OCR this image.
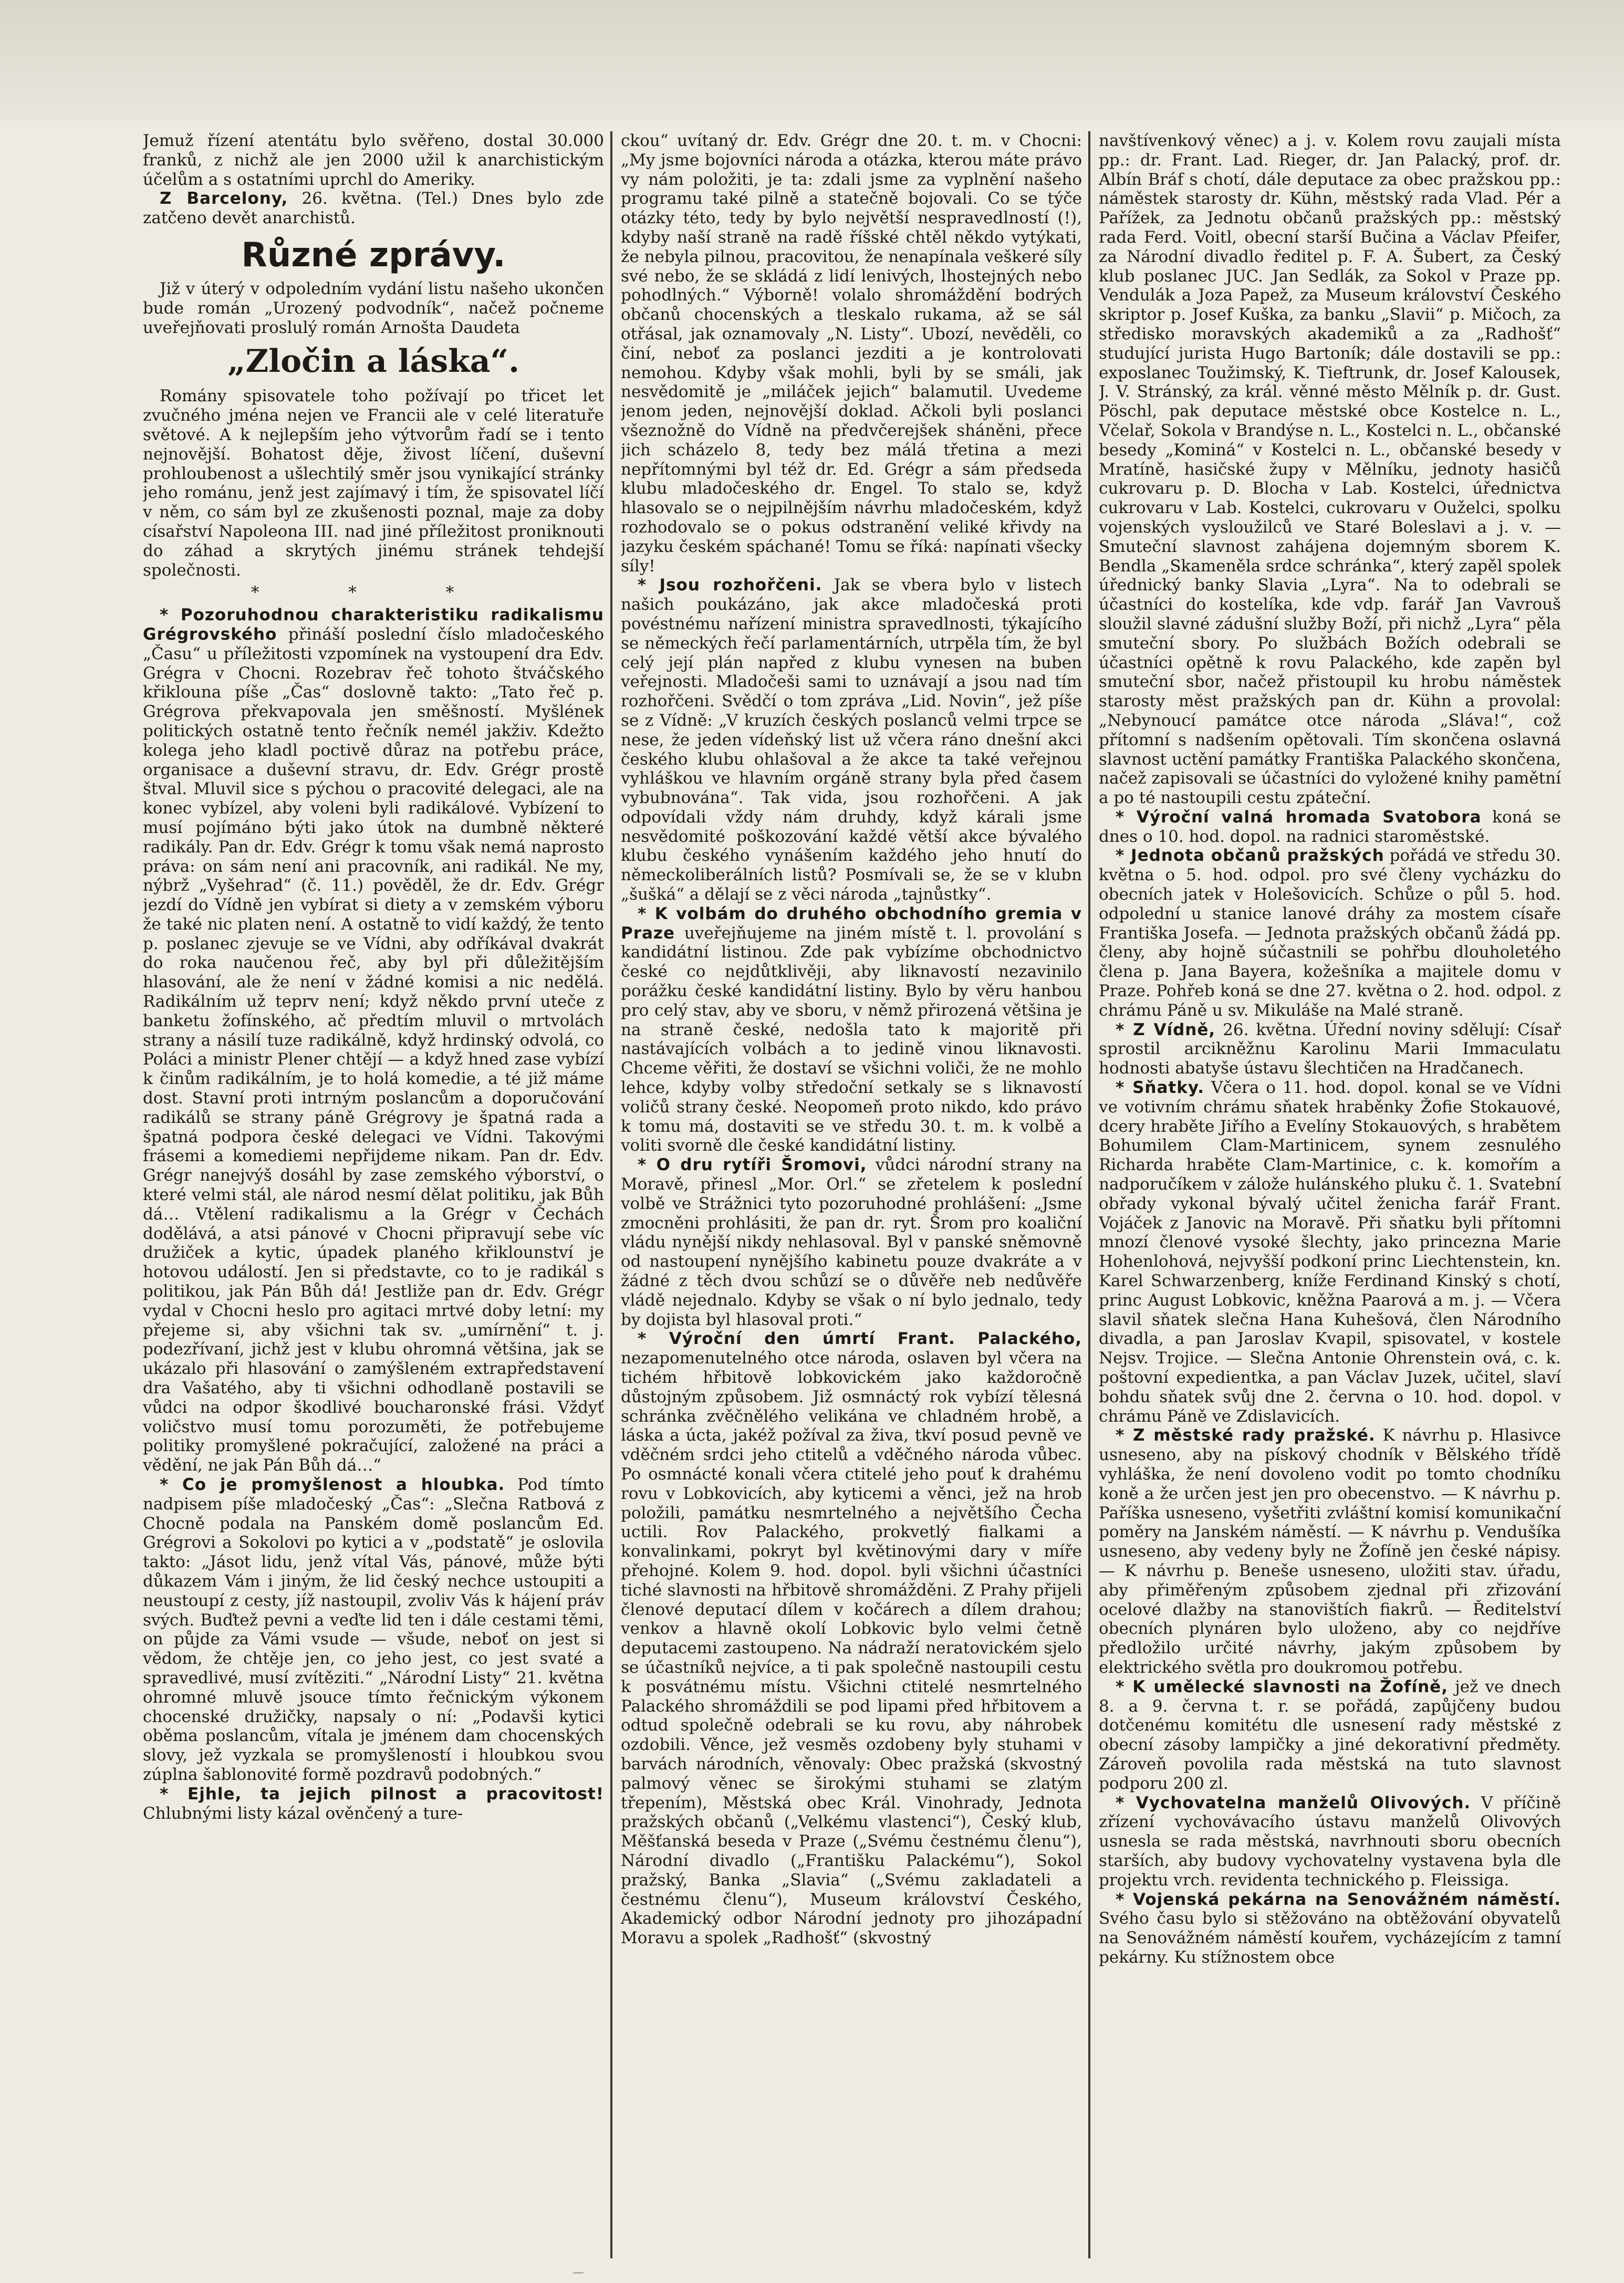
Jemuž řízení atentátu bylo svěřeno, dostal 30.000 franků, z nichž ale jen 2000 užil k anarchistickým účelům a s ostatními uprchl do Ameriky.

Z Barcelony, 26. května. (Tel.) Dnes bylo zde zatčeno devět anarchistů.

Různé zprávy.

Již v úterý v odpoledním vydání listu našeho ukončen bude román „Urozený podvodník“, načež počneme uveřejňovati proslulý román Arnošta Daudeta

„Zločin a láska“.

Romány spisovatele toho požívají po třicet let zvučného jména nejen ve Francii ale v celé literatuře světové. A k nejlepším jeho výtvorům řadí se i tento nejnovější. Bohatost děje, živost líčení, duševní prohloubenost a ušlechtilý směr jsou vynikající stránky jeho románu, jenž jest zajímavý i tím, že spisovatel líčí v něm, co sám byl ze zkušenosti poznal, maje za doby císařství Napoleona III. nad jiné příležitost proniknouti do záhad a skrytých jinému stránek tehdejší společnosti.

* * *

* Pozoruhodnou charakteristiku radikalismu Grégrovského přináší poslední číslo mladočeského „Času“ u příležitosti vzpomínek na vystoupení dra Edv. Grégra v Chocni. Rozebrav řeč tohoto štváčského křiklouna píše „Čas“ doslovně takto: „Tato řeč p. Grégrova překvapovala jen směšností. Myšlének politických ostatně tento řečník nemél jakživ. Kdežto kolega jeho kladl poctivě důraz na potřebu práce, organisace a duševní stravu, dr. Edv. Grégr prostě štval. Mluvil sice s pýchou o pracovité delegaci, ale na konec vybízel, aby voleni byli radikálové. Vybízení to musí pojímáno býti jako útok na dumbně některé radikály. Pan dr. Edv. Grégr k tomu však nemá naprosto práva: on sám není ani pracovník, ani radikál. Ne my, nýbrž „Vyšehrad“ (č. 11.) pověděl, že dr. Edv. Grégr jezdí do Vídně jen vybírat si diety a v zemském výboru že také nic platen není. A ostatně to vidí každý, že tento p. poslanec zjevuje se ve Vídni, aby odříkával dvakrát do roka naučenou řeč, aby byl při důležitějším hlasování, ale že není v žádné komisi a nic nedělá. Radikálním už teprv není; když někdo první uteče z banketu žofínského, ač předtím mluvil o mrtvolách strany a násilí tuze radikálně, když hrdinský odvolá, co Poláci a ministr Plener chtějí — a když hned zase vybízí k činům radikálním, je to holá komedie, a té již máme dost. Stavní proti intrným poslancům a doporučování radikálů se strany páně Grégrovy je špatná rada a špatná podpora české delegaci ve Vídni. Takovými frásemi a komediemi nepřijdeme nikam. Pan dr. Edv. Grégr nanejvýš dosáhl by zase zemského výborství, o které velmi stál, ale národ nesmí dělat politiku, jak Bůh dá… Vtělení radikalismu a la Grégr v Čechách dodělává, a atsi pánové v Chocni připravují sebe víc družiček a kytic, úpadek planého křiklounství je hotovou událostí. Jen si představte, co to je radikál s politikou, jak Pán Bůh dá! Jestliže pan dr. Edv. Grégr vydal v Chocni heslo pro agitaci mrtvé doby letní: my přejeme si, aby všichni tak sv. „umírnění“ t. j. podezřívaní, jichž jest v klubu ohromná většina, jak se ukázalo při hlasování o zamýšleném extrapředstavení dra Vašatého, aby ti všichni odhodlaně postavili se vůdci na odpor škodlivé boucharonské frási. Vždyť voličstvo musí tomu porozuměti, že potřebujeme politiky promyšlené pokračující, založené na práci a vědění, ne jak Pán Bůh dá…“

* Co je promyšlenost a hloubka. Pod tímto nadpisem píše mladočeský „Čas“: „Slečna Ratbová z Chocně podala na Panském domě poslancům Ed. Grégrovi a Sokolovi po kytici a v „podstatě“ je oslovila takto: „Jásot lidu, jenž vítal Vás, pánové, může býti důkazem Vám i jiným, že lid český nechce ustoupiti a neustoupí z cesty, jíž nastoupil, zvoliv Vás k hájení práv svých. Buďtež pevni a veďte lid ten i dále cestami těmi, on půjde za Vámi vsude — všude, neboť on jest si vědom, že chtěje jen, co jeho jest, co jest svaté a spravedlivé, musí zvítěziti.“ „Národní Listy“ 21. května ohromné mluvě jsouce tímto řečnickým výkonem chocenské družičky, napsaly o ní: „Podavši kytici oběma poslancům, vítala je jménem dam chocenských slovy, jež vyzkala se promyšleností i hloubkou svou zúplna šablonovité formě pozdravů podobných.“

* Ejhle, ta jejich pilnost a pracovitost! Chlubnými listy kázal ověnčený a ture-

ckou“ uvítaný dr. Edv. Grégr dne 20. t. m. v Chocni: „My jsme bojovníci národa a otázka, kterou máte právo vy nám položiti, je ta: zdali jsme za vyplnění našeho programu také pilně a statečně bojovali. Co se týče otázky této, tedy by bylo největší nespravedlností (!), kdyby naší straně na radě říšské chtěl někdo vytýkati, že nebyla pilnou, pracovitou, že nenapínala veškeré síly své nebo, že se skládá z lidí lenivých, lhostejných nebo pohodlných.“ Výborně! volalo shromáždění bodrých občanů chocenských a tleskalo rukama, až se sál otřásal, jak oznamovaly „N. Listy“. Ubozí, nevěděli, co činí, neboť za poslanci jezditi a je kontrolovati nemohou. Kdyby však mohli, byli by se smáli, jak nesvědomitě je „miláček jejich“ balamutil. Uvedeme jenom jeden, nejnovější doklad. Ačkoli byli poslanci všeznožně do Vídně na předvčerejšek sháněni, přece jich scházelo 8, tedy bez málá třetina a mezi nepřítomnými byl též dr. Ed. Grégr a sám předseda klubu mladočeského dr. Engel. To stalo se, když hlasovalo se o nejpilnějším návrhu mladočeském, když rozhodovalo se o pokus odstranění veliké křivdy na jazyku českém spáchané! Tomu se říká: napínati všecky síly!

* Jsou rozhořčeni. Jak se vbera bylo v listech našich poukázáno, jak akce mladočeská proti povéstnému nařízení ministra spravedlnosti, týkajícího se německých řečí parlamentárních, utrpěla tím, že byl celý její plán napřed z klubu vynesen na buben veřejnosti. Mladočeši sami to uznávají a jsou nad tím rozhořčeni. Svědčí o tom zpráva „Lid. Novin“, jež píše se z Vídně: „V kruzích českých poslanců velmi trpce se nese, že jeden vídeňský list už včera ráno dnešní akci českého klubu ohlašoval a že akce ta také veřejnou vyhláškou ve hlavním orgáně strany byla před časem vybubnována“. Tak vida, jsou rozhořčeni. A jak odpovídali vždy nám druhdy, když kárali jsme nesvědomité poškozování každé větší akce bývalého klubu českého vynášením každého jeho hnutí do německoliberálních listů? Posmívali se, že se v klubn „šušká“ a dělají se z věci národa „tajnůstky“.

* K volbám do druhého obchodního gremia v Praze uveřejňujeme na jiném místě t. l. provolání s kandidátní listinou. Zde pak vybízíme obchodnictvo české co nejdůtklivěji, aby liknavostí nezavinilo porážku české kandidátní listiny. Bylo by věru hanbou pro celý stav, aby ve sboru, v němž přirozená většina je na straně české, nedošla tato k majoritě při nastávajících volbách a to jedině vinou liknavosti. Chceme věřiti, že dostaví se všichni voliči, že ne mohlo lehce, kdyby volby středoční setkaly se s liknavostí voličů strany české. Neopomeň proto nikdo, kdo právo k tomu má, dostaviti se ve středu 30. t. m. k volbě a voliti svorně dle české kandidátní listiny.

* O dru rytíři Šromovi, vůdci národní strany na Moravě, přinesl „Mor. Orl.“ se zřetelem k poslední volbě ve Strážnici tyto pozoruhodné prohlášení: „Jsme zmocněni prohlásiti, že pan dr. ryt. Šrom pro koaliční vládu nynější nikdy nehlasoval. Byl v panské sněmovně od nastoupení nynějšího kabinetu pouze dvakráte a v žádné z těch dvou schůzí se o důvěře neb nedůvěře vládě nejednalo. Kdyby se však o ní bylo jednalo, tedy by dojista byl hlasoval proti.“

* Výroční den úmrtí Frant. Palackého, nezapomenutelného otce národa, oslaven byl včera na tichém hřbitově lobkovickém jako každoročně důstojným způsobem. Již osmnáctý rok vybízí tělesná schránka zvěčnělého velikána ve chladném hrobě, a láska a úcta, jakéž požíval za živa, tkví posud pevně ve vděčném srdci jeho ctitelů a vděčného národa vůbec. Po osmnácté konali včera ctitelé jeho pouť k drahému rovu v Lobkovicích, aby kyticemi a věnci, jež na hrob položili, památku nesmrtelného a největšího Čecha uctili. Rov Palackého, prokvetlý fialkami a konvalinkami, pokryt byl květinovými dary v míře přehojné. Kolem 9. hod. dopol. byli všichni účastníci tiché slavnosti na hřbitově shromážděni. Z Prahy přijeli členové deputací dílem v kočárech a dílem drahou; venkov a hlavně okolí Lobkovic bylo velmi četně deputacemi zastoupeno. Na nádraží neratovickém sjelo se účastníků nejvíce, a ti pak společně nastoupili cestu k posvátnému místu. Všichni ctitelé nesmrtelného Palackého shromáždili se pod lipami před hřbitovem a odtud společně odebrali se ku rovu, aby náhrobek ozdobili. Věnce, jež vesměs ozdobeny byly stuhami v barvách národních, věnovaly: Obec pražská (skvostný palmový věnec se širokými stuhami se zlatým třepením), Městská obec Král. Vinohrady, Jednota pražských občanů („Velkému vlastenci“), Český klub, Měšťanská beseda v Praze („Svému čestnému členu“), Národní divadlo („Františku Palackému“), Sokol pražský, Banka „Slavia“ („Svému zakladateli a čestnému členu“), Museum království Českého, Akademický odbor Národní jednoty pro jihozápadní Moravu a spolek „Radhošť“ (skvostný

navštívenkový věnec) a j. v. Kolem rovu zaujali místa pp.: dr. Frant. Lad. Rieger, dr. Jan Palacký, prof. dr. Albín Bráf s chotí, dále deputace za obec pražskou pp.: náměstek starosty dr. Kühn, městský rada Vlad. Pér a Pařížek, za Jednotu občanů pražských pp.: městský rada Ferd. Voitl, obecní starší Bučina a Václav Pfeifer, za Národní divadlo ředitel p. F. A. Šubert, za Český klub poslanec JUC. Jan Sedlák, za Sokol v Praze pp. Vendulák a Joza Papež, za Museum království Českého skriptor p. Josef Kuška, za banku „Slavii“ p. Mičoch, za středisko moravských akademiků a za „Radhošť“ studující jurista Hugo Bartoník; dále dostavili se pp.: exposlanec Toužimský, K. Tieftrunk, dr. Josef Kalousek, J. V. Stránský, za král. věnné město Mělník p. dr. Gust. Pöschl, pak deputace městské obce Kostelce n. L., Včelař, Sokola v Brandýse n. L., Kostelci n. L., občanské besedy „Kominá“ v Kostelci n. L., občanské besedy v Mratíně, hasičské župy v Mělníku, jednoty hasičů cukrovaru p. D. Blocha v Lab. Kostelci, úřednictva cukrovaru v Lab. Kostelci, cukrovaru v Ouželci, spolku vojenských vysloužilců ve Staré Boleslavi a j. v. — Smuteční slavnost zahájena dojemným sborem K. Bendla „Skameněla srdce schránka“, který zapěl spolek úřednický banky Slavia „Lyra“. Na to odebrali se účastníci do kostelíka, kde vdp. farář Jan Vavrouš sloužil slavné zádušní služby Boží, při nichž „Lyra“ pěla smuteční sbory. Po službách Božích odebrali se účastníci opětně k rovu Palackého, kde zapěn byl smuteční sbor, načež přistoupil ku hrobu náměstek starosty měst pražských pan dr. Kühn a provolal: „Nebynoucí památce otce národa „Sláva!“, což přítomní s nadšením opětovali. Tím skončena oslavná slavnost uctění památky Františka Palackého skončena, načež zapisovali se účastníci do vyložené knihy pamětní a po té nastoupili cestu zpáteční.

* Výroční valná hromada Svatobora koná se dnes o 10. hod. dopol. na radnici staroměstské.

* Jednota občanů pražských pořádá ve středu 30. května o 5. hod. odpol. pro své členy vycházku do obecních jatek v Holešovicích. Schůze o půl 5. hod. odpolední u stanice lanové dráhy za mostem císaře Františka Josefa. — Jednota pražských občanů žádá pp. členy, aby hojně súčastnili se pohřbu dlouholetého člena p. Jana Bayera, kožešníka a majitele domu v Praze. Pohřeb koná se dne 27. května o 2. hod. odpol. z chrámu Páně u sv. Mikuláše na Malé straně.

* Z Vídně, 26. května. Úřední noviny sdělují: Císař sprostil arcikněžnu Karolinu Marii Immaculatu hodnosti abatyše ústavu šlechtičen na Hradčanech.

* Sňatky. Včera o 11. hod. dopol. konal se ve Vídni ve votivním chrámu sňatek hraběnky Žofie Stokauové, dcery hraběte Jiřího a Evelíny Stokauových, s hrabětem Bohumilem Clam-Martinicem, synem zesnulého Richarda hraběte Clam-Martinice, c. k. komořím a nadporučíkem v zálože hulánského pluku č. 1. Svatební obřady vykonal bývalý učitel ženicha farář Frant. Vojáček z Janovic na Moravě. Při sňatku byli přítomni mnozí členové vysoké šlechty, jako princezna Marie Hohenlohová, nejvyšší podkoní princ Liechtenstein, kn. Karel Schwarzenberg, kníže Ferdinand Kinský s chotí, princ August Lobkovic, kněžna Paarová a m. j. — Včera slavil sňatek slečna Hana Kuhešová, člen Národního divadla, a pan Jaroslav Kvapil, spisovatel, v kostele Nejsv. Trojice. — Slečna Antonie Ohrenstein ová, c. k. poštovní expedientka, a pan Václav Juzek, učitel, slaví bohdu sňatek svůj dne 2. června o 10. hod. dopol. v chrámu Páně ve Zdislavicích.

* Z městské rady pražské. K návrhu p. Hlasivce usneseno, aby na pískový chodník v Bělského třídě vyhláška, že není dovoleno vodit po tomto chodníku koně a že určen jest jen pro obecenstvo. — K návrhu p. Paříška usneseno, vyšetřiti zvláštní komisí komunikační poměry na Janském náměstí. — K návrhu p. Vendušíka usneseno, aby vedeny byly ne Žofíně jen české nápisy. — K návrhu p. Beneše usneseno, uložiti stav. úřadu, aby přiměřeným způsobem zjednal při zřizování ocelové dlažby na stanovištích fiakrů. — Ředitelství obecních plynáren bylo uloženo, aby co nejdříve předložilo určité návrhy, jakým způsobem by elektrického světla pro doukromou potřebu.

* K umělecké slavnosti na Žofíně, jež ve dnech 8. a 9. června t. r. se pořádá, zapůjčeny budou dotčenému komitétu dle usnesení rady městské z obecní zásoby lampičky a jiné dekorativní předměty. Zároveň povolila rada městská na tuto slavnost podporu 200 zl.

* Vychovatelna manželů Olivových. V příčině zřízení vychovávacího ústavu manželů Olivových usnesla se rada městská, navrhnouti sboru obecních starších, aby budovy vychovatelny vystavena byla dle projektu vrch. revidenta technického p. Fleissiga.

* Vojenská pekárna na Senovážném náměstí. Svého času bylo si stěžováno na obtěžování obyvatelů na Senovážném náměstí kouřem, vycházejícím z tamní pekárny. Ku stížnostem obce

—
